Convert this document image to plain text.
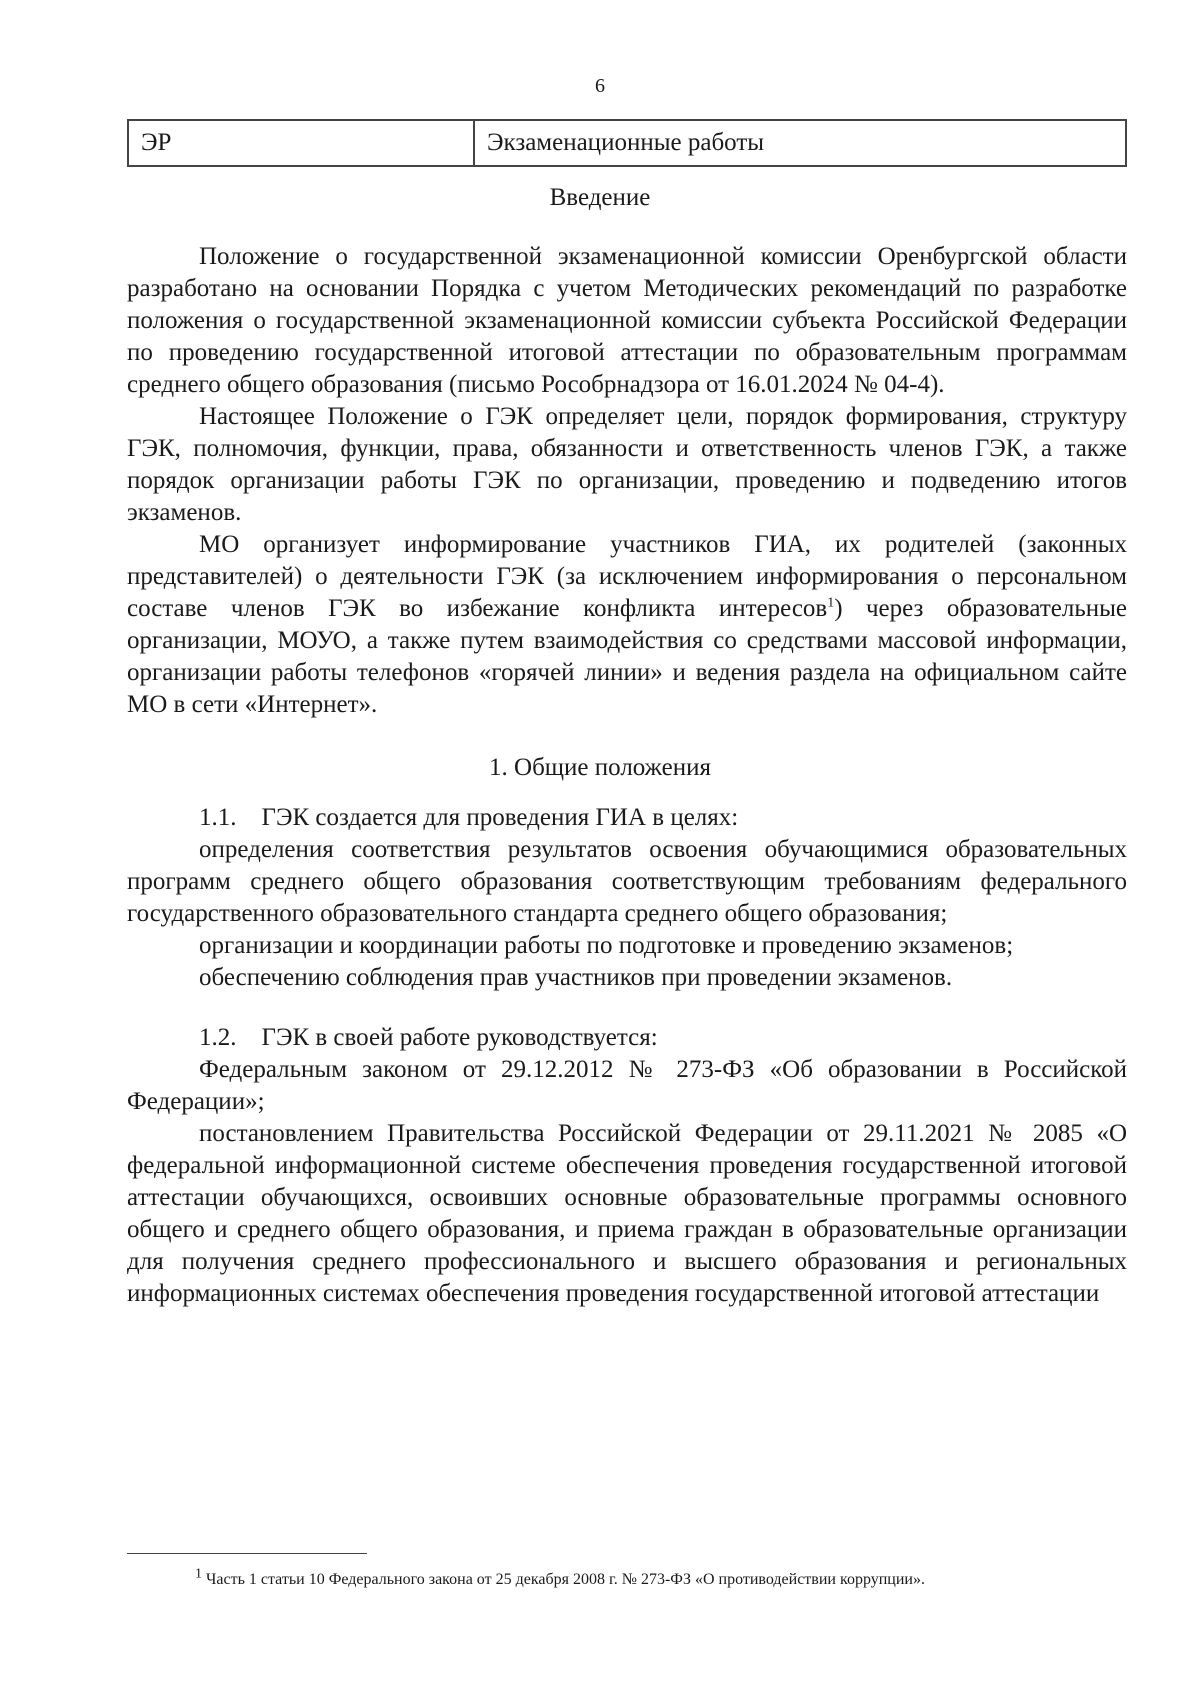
6
ЭР	Экзаменационные работы
Введение

Положение о государственной экзаменационной комиссии Оренбургской области разработано на основании Порядка с учетом Методических рекомендаций по разработке положения о государственной экзаменационной комиссии субъекта Российской Федерации по проведению государственной итоговой аттестации по образовательным программам среднего общего образования (письмо Рособрнадзора от 16.01.2024 № 04-4).

Настоящее Положение о ГЭК определяет цели, порядок формирования, структуру ГЭК, полномочия, функции, права, обязанности и ответственность членов ГЭК, а также порядок организации работы ГЭК по организации, проведению и подведению итогов экзаменов.

МО организует информирование участников ГИА, их родителей (законных представителей) о деятельности ГЭК (за исключением информирования о персональном составе членов ГЭК во избежание конфликта интересов$^1$) через образовательные организации, МОУО, а также путем взаимодействия со средствами массовой информации, организации работы телефонов «горячей линии» и ведения раздела на официальном сайте МО в сети «Интернет».

1. Общие положения

1.1. ГЭК создается для проведения ГИА в целях:

определения соответствия результатов освоения обучающимися образовательных программ среднего общего образования соответствующим требованиям федерального государственного образовательного стандарта среднего общего образования;

организации и координации работы по подготовке и проведению экзаменов;

обеспечению соблюдения прав участников при проведении экзаменов.

1.2. ГЭК в своей работе руководствуется:

Федеральным законом от 29.12.2012 № 273-ФЗ «Об образовании в Российской Федерации»;

постановлением Правительства Российской Федерации от 29.11.2021 № 2085 «О федеральной информационной системе обеспечения проведения государственной итоговой аттестации обучающихся, освоивших основные образовательные программы основного общего и среднего общего образования, и приема граждан в образовательные организации для получения среднего профессионального и высшего образования и региональных информационных системах обеспечения проведения государственной итоговой аттестации

$^1$ Часть 1 статьи 10 Федерального закона от 25 декабря 2008 г. № 273-ФЗ «О противодействии коррупции».
